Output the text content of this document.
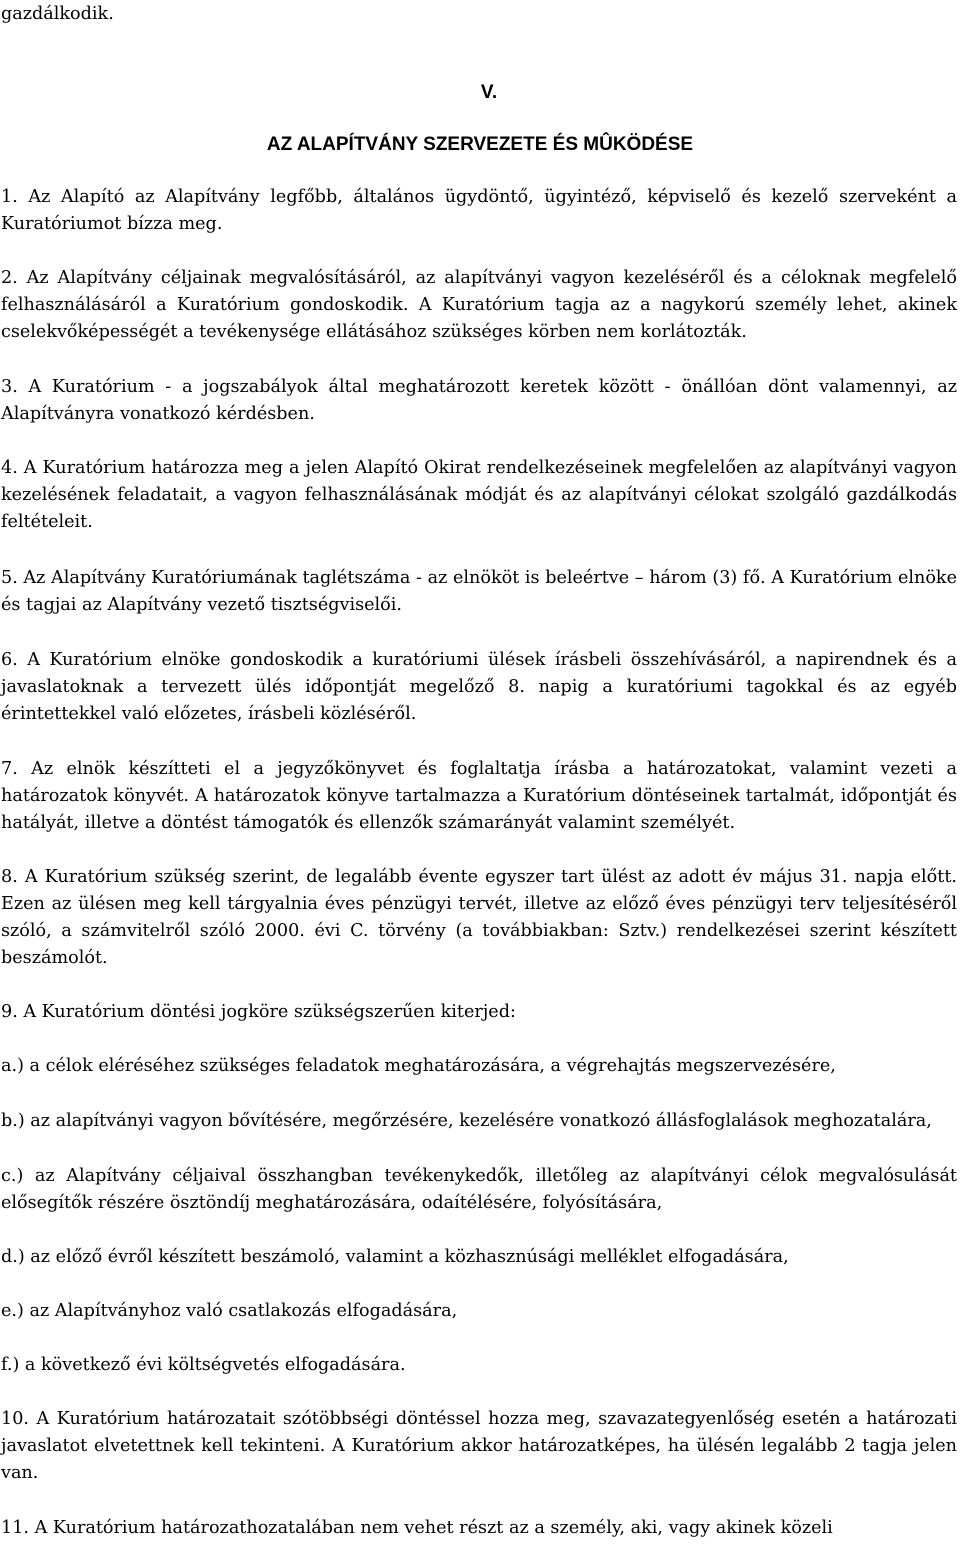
gazdálkodik.

V.
AZ ALAPÍTVÁNY SZERVEZETE ÉS MÛKÖDÉSE

1. Az Alapító az Alapítvány legfőbb, általános ügydöntő, ügyintéző, képviselő és kezelő szerveként a Kuratóriumot bízza meg.

2. Az Alapítvány céljainak megvalósításáról, az alapítványi vagyon kezeléséről és a céloknak megfelelő felhasználásáról a Kuratórium gondoskodik. A Kuratórium tagja az a nagykorú személy lehet, akinek cselekvőképességét a tevékenysége ellátásához szükséges körben nem korlátozták.

3. A Kuratórium - a jogszabályok által meghatározott keretek között - önállóan dönt valamennyi, az Alapítványra vonatkozó kérdésben.

4. A Kuratórium határozza meg a jelen Alapító Okirat rendelkezéseinek megfelelően az alapítványi vagyon kezelésének feladatait, a vagyon felhasználásának módját és az alapítványi célokat szolgáló gazdálkodás feltételeit.

5. Az Alapítvány Kuratóriumának taglétszáma - az elnököt is beleértve – három (3) fő. A Kuratórium elnöke és tagjai az Alapítvány vezető tisztségviselői.

6. A Kuratórium elnöke gondoskodik a kuratóriumi ülések írásbeli összehívásáról, a napirendnek és a javaslatoknak a tervezett ülés időpontját megelőző 8. napig a kuratóriumi tagokkal és az egyéb érintettekkel való előzetes, írásbeli közléséről.

7. Az elnök készítteti el a jegyzőkönyvet és foglaltatja írásba a határozatokat, valamint vezeti a határozatok könyvét. A határozatok könyve tartalmazza a Kuratórium döntéseinek tartalmát, időpontját és hatályát, illetve a döntést támogatók és ellenzők számarányát valamint személyét.

8. A Kuratórium szükség szerint, de legalább évente egyszer tart ülést az adott év május 31. napja előtt. Ezen az ülésen meg kell tárgyalnia éves pénzügyi tervét, illetve az előző éves pénzügyi terv teljesítéséről szóló, a számvitelről szóló 2000. évi C. törvény (a továbbiakban: Sztv.) rendelkezései szerint készített beszámolót.

9. A Kuratórium döntési jogköre szükségszerűen kiterjed:

a.) a célok eléréséhez szükséges feladatok meghatározására, a végrehajtás megszervezésére,

b.) az alapítványi vagyon bővítésére, megőrzésére, kezelésére vonatkozó állásfoglalások meghozatalára,

c.) az Alapítvány céljaival összhangban tevékenykedők, illetőleg az alapítványi célok megvalósulását elősegítők részére ösztöndíj meghatározására, odaítélésére, folyósítására,

d.) az előző évről készített beszámoló, valamint a közhasznúsági melléklet elfogadására,

e.) az Alapítványhoz való csatlakozás elfogadására,

f.) a következő évi költségvetés elfogadására.

10. A Kuratórium határozatait szótöbbségi döntéssel hozza meg, szavazategyenlőség esetén a határozati javaslatot elvetettnek kell tekinteni. A Kuratórium akkor határozatképes, ha ülésén legalább 2 tagja jelen van.

11. A Kuratórium határozathozatalában nem vehet részt az a személy, aki, vagy akinek közeli
